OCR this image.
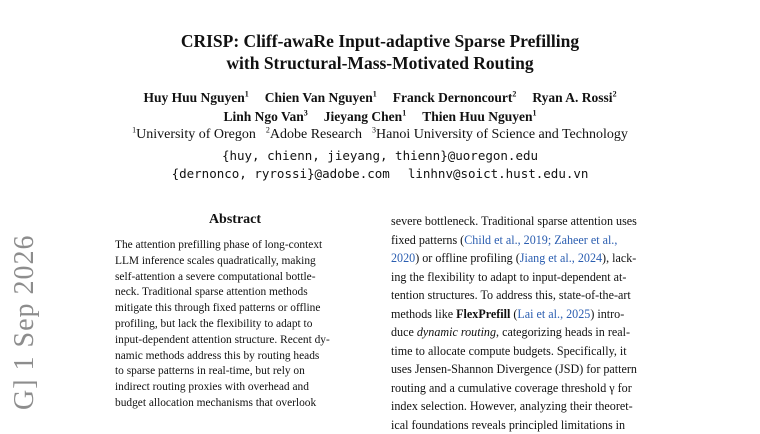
G] 1 Sep 2026
CRISP: Cliff-awaRe Input-adaptive Sparse Prefilling
with Structural-Mass-Motivated Routing
Huy Huu Nguyen$^1$ Chien Van Nguyen$^1$ Franck Dernoncourt$^2$ Ryan A. Rossi$^2$
Linh Ngo Van$^3$ Jieyang Chen$^1$ Thien Huu Nguyen$^1$
$^1$University of Oregon $^2$Adobe Research $^3$Hanoi University of Science and Technology
{huy, chienn, jieyang, thienn}@uoregon.edu
{dernonco, ryrossi}@adobe.com linhnv@soict.hust.edu.vn
Abstract
The attention prefilling phase of long-context
LLM inference scales quadratically, making
self-attention a severe computational bottle-
neck. Traditional sparse attention methods
mitigate this through fixed patterns or offline
profiling, but lack the flexibility to adapt to
input-dependent attention structure. Recent dy-
namic methods address this by routing heads
to sparse patterns in real-time, but rely on
indirect routing proxies with overhead and
budget allocation mechanisms that overlook
severe bottleneck. Traditional sparse attention uses
fixed patterns (Child et al., 2019; Zaheer et al.,
2020) or offline profiling (Jiang et al., 2024), lack-
ing the flexibility to adapt to input-dependent at-
tention structures. To address this, state-of-the-art
methods like FlexPrefill (Lai et al., 2025) intro-
duce dynamic routing, categorizing heads in real-
time to allocate compute budgets. Specifically, it
uses Jensen-Shannon Divergence (JSD) for pattern
routing and a cumulative coverage threshold γ for
index selection. However, analyzing their theoret-
ical foundations reveals principled limitations in
